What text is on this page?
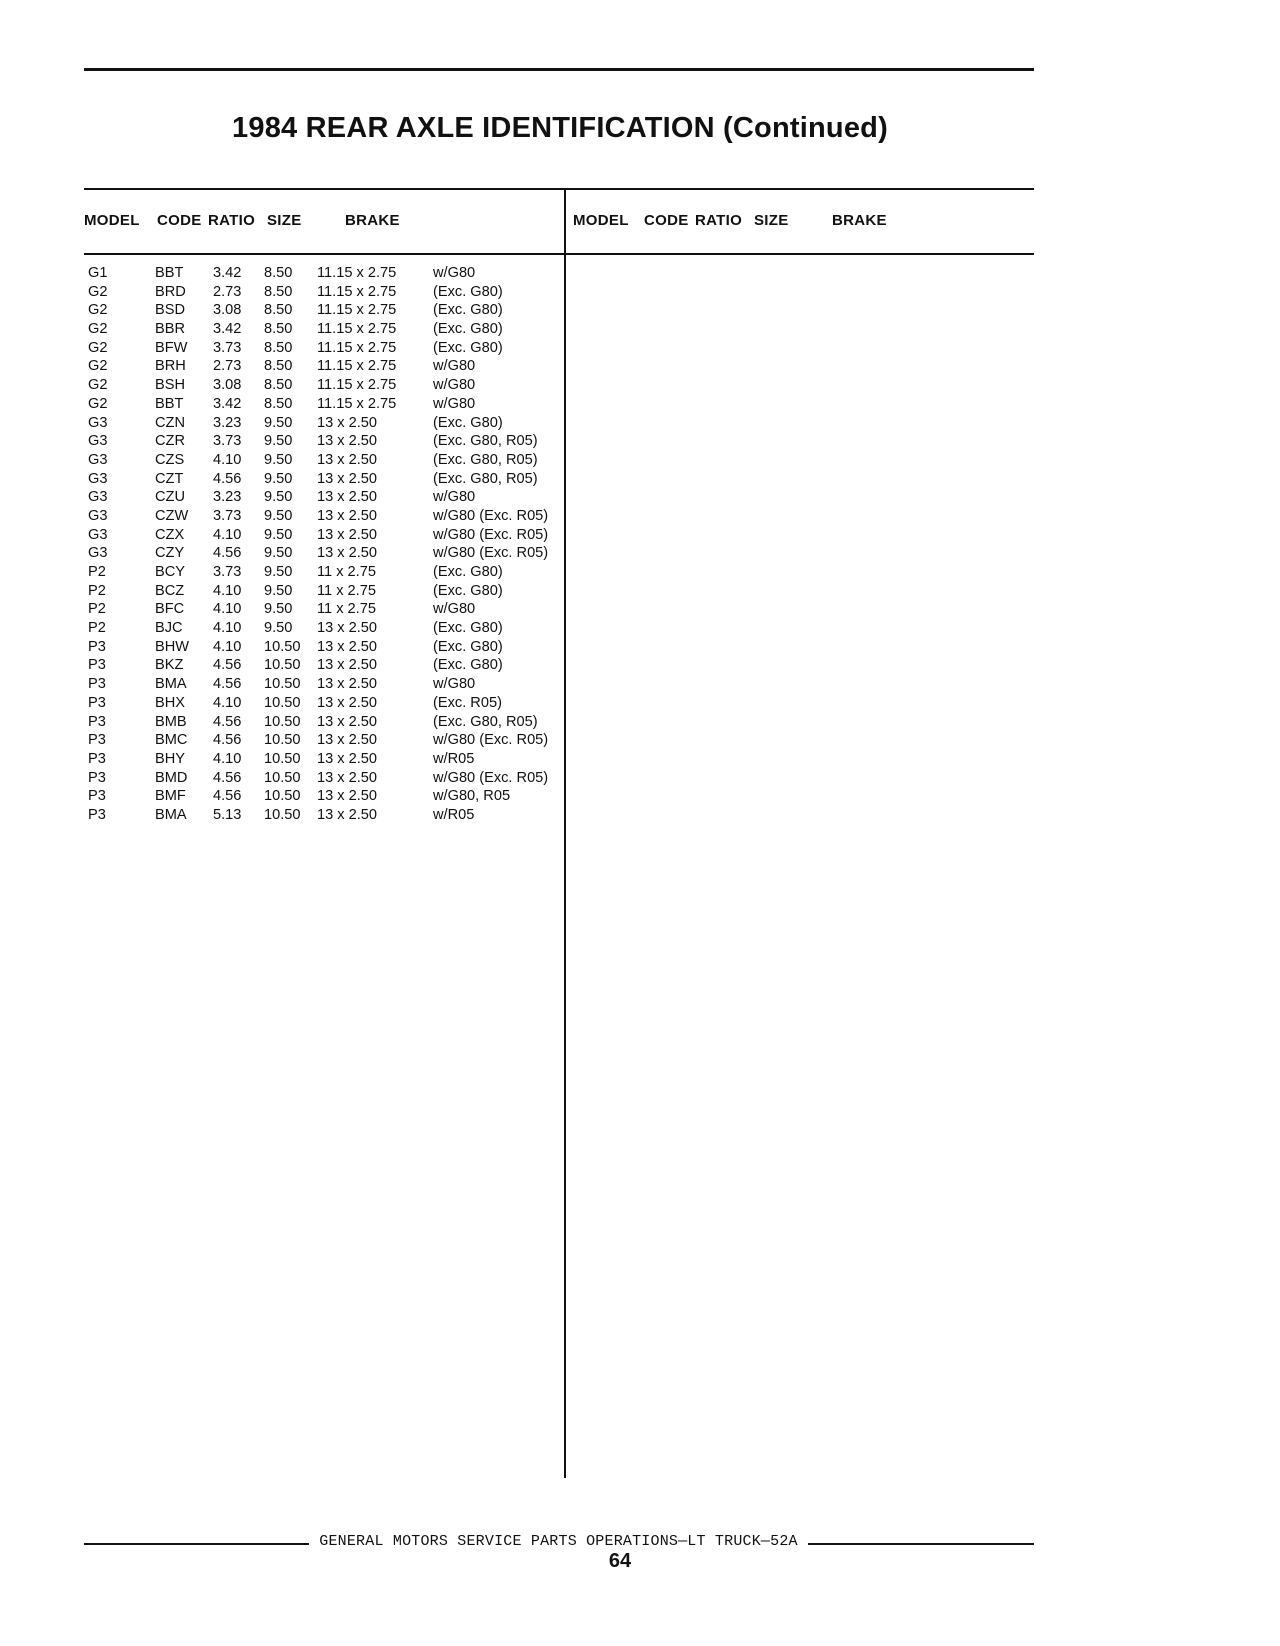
1984 REAR AXLE IDENTIFICATION (Continued)
MODEL CODE RATIO SIZE	BRAKE	MODEL CODE RATIO SIZE	BRAKE
G1	BBT 3.42 8.50 11.15 x 2.75	w/G80
G2	BRD 2.73 8.50 11.15 x 2.75	(Exc. G80)
G2	BSD 3.08 8.50 11.15 x 2.75	(Exc. G80)
G2	BBR 3.42 8.50 11.15 x 2.75	(Exc. G80)
G2	BFW 3.73 8.50 11.15 x 2.75	(Exc. G80)
G2	BRH 2.73 8.50 11.15 x 2.75	w/G80
G2	BSH 3.08 8.50 11.15 x 2.75	w/G80
G2	BBT 3.42 8.50 11.15 x 2.75	w/G80
G3	CZN 3.23 9.50 13 x 2.50	(Exc. G80)
G3	CZR 3.73 9.50 13 x 2.50	(Exc. G80, R05)
G3	CZS 4.10 9.50 13 x 2.50	(Exc. G80, R05)
G3	CZT 4.56 9.50 13 x 2.50	(Exc. G80, R05)
G3	CZU 3.23 9.50 13 x 2.50	w/G80
G3	CZW 3.73 9.50 13 x 2.50	w/G80 (Exc. R05)
G3	CZX 4.10 9.50 13 x 2.50	w/G80 (Exc. R05)
G3	CZY 4.56 9.50 13 x 2.50	w/G80 (Exc. R05)
P2	BCY 3.73 9.50 11 x 2.75	(Exc. G80)
P2	BCZ 4.10 9.50 11 x 2.75	(Exc. G80)
P2	BFC 4.10 9.50 11 x 2.75	w/G80
P2	BJC 4.10 9.50 13 x 2.50	(Exc. G80)
P3	BHW 4.10 10.50 13 x 2.50	(Exc. G80)
P3	BKZ 4.56 10.50 13 x 2.50	(Exc. G80)
P3	BMA 4.56 10.50 13 x 2.50	w/G80
P3	BHX 4.10 10.50 13 x 2.50	(Exc. R05)
P3	BMB 4.56 10.50 13 x 2.50	(Exc. G80, R05)
P3	BMC 4.56 10.50 13 x 2.50	w/G80 (Exc. R05)
P3	BHY 4.10 10.50 13 x 2.50	w/R05
P3	BMD 4.56 10.50 13 x 2.50	w/G80 (Exc. R05)
P3	BMF 4.56 10.50 13 x 2.50	w/G80, R05
P3	BMA 5.13 10.50 13 x 2.50	w/R05
GENERAL MOTORS SERVICE PARTS OPERATIONS—LT TRUCK—52A
64
